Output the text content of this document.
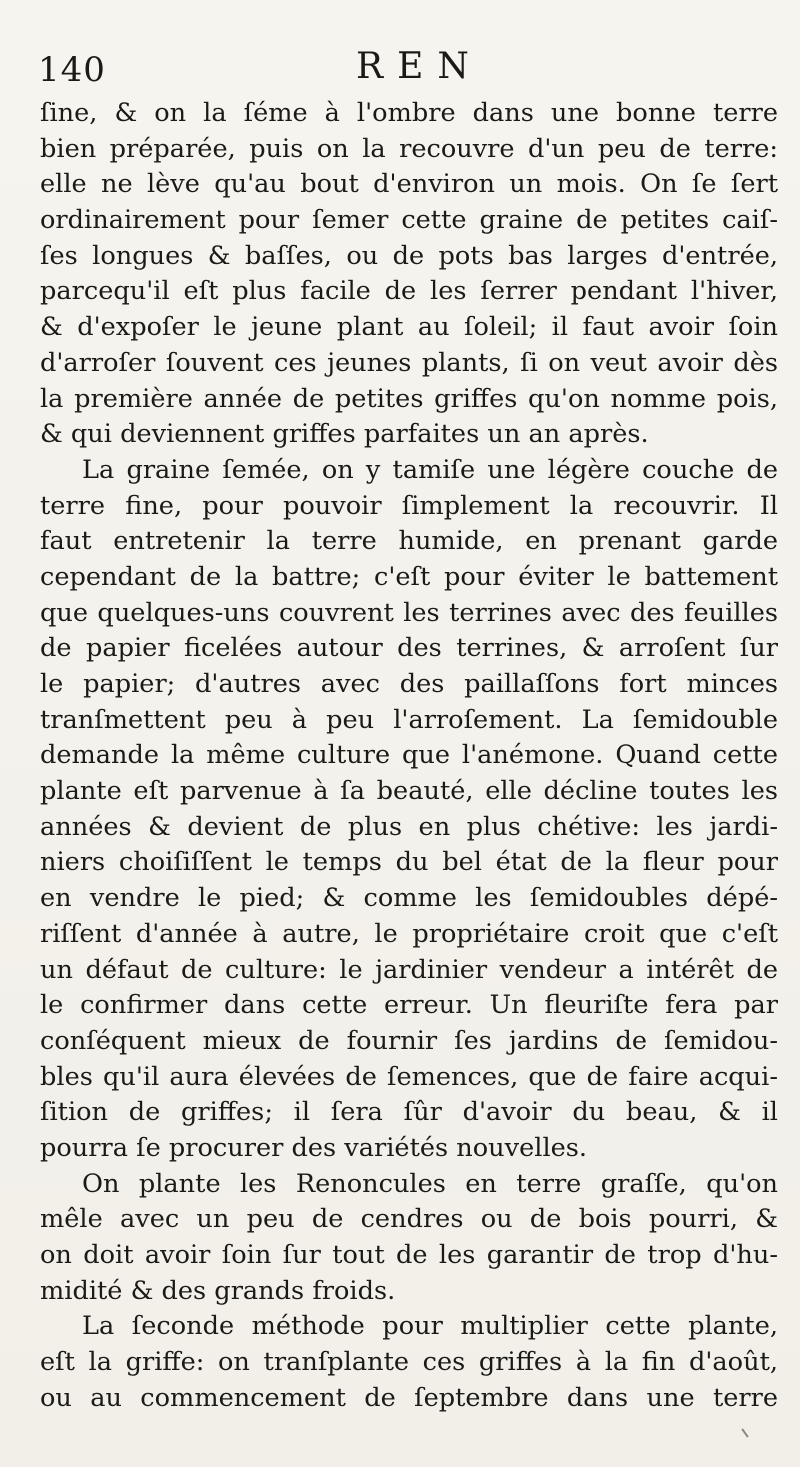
140	REN
ſine, & on la ſéme à l'ombre dans une bonne terre
bien préparée, puis on la recouvre d'un peu de terre:
elle ne lève qu'au bout d'environ un mois. On ſe ſert
ordinairement pour ſemer cette graine de petites caiſ-
ſes longues & baſſes, ou de pots bas larges d'entrée,
parcequ'il eſt plus facile de les ſerrer pendant l'hiver,
& d'expoſer le jeune plant au ſoleil; il faut avoir ſoin
d'arroſer ſouvent ces jeunes plants, ſi on veut avoir dès
la première année de petites griffes qu'on nomme pois,
& qui deviennent griffes parfaites un an après.
La graine ſemée, on y tamiſe une légère couche de
terre fine, pour pouvoir ſimplement la recouvrir. Il
faut entretenir la terre humide, en prenant garde
cependant de la battre; c'eſt pour éviter le battement
que quelques-uns couvrent les terrines avec des feuilles
de papier ficelées autour des terrines, & arroſent ſur
le papier; d'autres avec des paillaſſons fort minces
tranſmettent peu à peu l'arroſement. La ſemidouble
demande la même culture que l'anémone. Quand cette
plante eſt parvenue à ſa beauté, elle décline toutes les
années & devient de plus en plus chétive: les jardi-
niers choiſiſſent le temps du bel état de la fleur pour
en vendre le pied; & comme les ſemidoubles dépé-
riſſent d'année à autre, le propriétaire croit que c'eſt
un défaut de culture: le jardinier vendeur a intérêt de
le confirmer dans cette erreur. Un fleuriſte fera par
conſéquent mieux de fournir ſes jardins de ſemidou-
bles qu'il aura élevées de ſemences, que de faire acqui-
ſition de griffes; il ſera ſûr d'avoir du beau, & il
pourra ſe procurer des variétés nouvelles.
On plante les Renoncules en terre graſſe, qu'on
mêle avec un peu de cendres ou de bois pourri, &
on doit avoir ſoin ſur tout de les garantir de trop d'hu-
midité & des grands froids.
La ſeconde méthode pour multiplier cette plante,
eſt la griffe: on tranſplante ces griffes à la fin d'août,
ou au commencement de ſeptembre dans une terre
